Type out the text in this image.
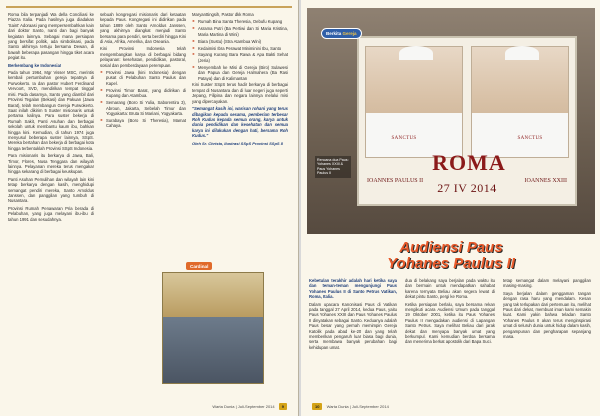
Roma bila terpanjadi Wa della Conciliasi ke Piazza Italia. Pada hasilnya juga diadakan 'Saint' Adoraasi yang mempersembahkan kain dari doktor Santo, nanti dan bagi banyak kegiatan lainnya. Sebagai mana persiapan yang bersifat politik, ada simbolisasi, pada Santo akhirnya tertuju bersama Dewan, di bawah beberapa pasangan hingga tiket acara pegiat itu.

Berkembang ke Indonesia!

Pada tahun 1964, Mgr Visser MSC, merintis kembali pertumbuhan gereja tepatnya di Purwokerto. Ia dan pastor Hubert Ferdinand Vervoort, SVD, mendirikan tempat tinggal misi. Pada dasarnya, Santo yang diambil dari Provinsi Tegalan (Bekasi) dan Pakuan (Jawa Barat), telah membangun Gereja Purwokerto. Saat inilah dikirim 5 Suster misionaris untuk pertama kalinya. Para suster bekerja di Rumah Sakit, Panti Asuhan dan berbagai sekolah untuk membantu kaum ibu, bahkan hingga kini. Kemudian, di tahun 1974 juga menyusul beberapa suster lainnya, SSpS. Mereka bertahan dan bekerja di berbagai kota hingga terbentuklah Provinsi SSpS Indonesia.

Para misionaris itu berkarya di Jawa, Bali, Timor, Flores, Nusa Tenggara dan wilayah lainnya. Pelayanan mereka terus mengakar hingga sekarang di berbagai keuskupan.

Panti Asuhan Pemulihan dan wilayah lain kini tetap berkarya dengan kasih, menghidupi semangat pendiri mereka, Santo Arnoldus Janssen, dan panggilan yang tumbuh di Nusantara.

Provinsi Rumah Penawaran Pria berada di Pelabuhan, yang juga melayani ibu-ibu di tahun 1991 dan sesudahnya.

sebuah kongregasi misionaris dari ketaatan kepada Paus. Kongregasi ini didirikan pada tahun 1889 oleh Santo Arnoldus Janssen, yang akhirnya diangkat menjadi Santo bersama para pendiri, serta berdiri hingga Kini di Asia, Afrika, Amerika, dan Oseania.

Kini Provinsi Indonesia telah mengembangkan karya di berbagai bidang pelayanan: kesehatan, pendidikan, pastoral, sosial dan pemberdayaan perempuan.

► Provinsi Jawa (kini Indonesia) dengan pusat di Pelabuhan Santo Paulus dan Kapel.
► Provinsi Timor Barat, yang didirikan di Kupang dan Atambua.
► Semarang (Boro Si Yulia, Saborentira 3), Abroun, Jakarta, Sebelah Timur dan Yogyakarta: Bruta Si Mariani, Yogyakarta.
► Surabaya (Boro Si Theresia), Mamat Cahaya.

Maryanttingsih, Pastor dkk Roma

► Rumah Bina Santa Theresia, Oebufu Kupang
► Asrama Putri (Ba Pertiwi dan Si Maria Kristina, Maria Martina di Wini)
► Biara (Sustu) (Stra Atambua Wini)
► Kedaimisi Ibra Perawat Miniminini Ibu, Santo
► Sayang Kurang Bara Rawa & Apa Bakti Sehat (Jeria)
► Menyembah ke Misi di Gereja (Biro) Sulawesi dan Papua dan Gereja Halmahera (Ba Rasi Pataya) dan di Kalimantan

Kini Suster SSpS terus hadir berkarya di berbagai tempat di Nusantara dan di luar negeri juga seperti Jepang, Filipina dan negara lainnya melalui misi yang dipercayakan.

"Semangat kasih ini, warisan rohani yang terus dibagikan kepada sesama, pemberian terbesar Roh Kudus kepada semua orang, karya untuk dunia pendidikan dan kesehatan dan semua karya ini dilakukan dengan hati, bersama Roh Kudus."

Oleh Sr. Christa, Ilustrasi SSpS Provinsi SSpS 8

Cardinal
Warta Dunia | Juli-September 2014 9
SANCTUS	SANCTUS
ROMA
IOANNES PAULUS II	IOANNES XXIII
27 IV 2014
Berkita Gereja
Rencana dua Paus: Yohanes XXIII & Paus Yohanes Paulus II
Audiensi Paus
Yohanes Paulus II

Kebetulan terakhir adalah hari ketika saya dan teman-teman mengunjungi Paus Yohanes Paulus II di Santo Petrus Vatikan, Roma, Italia.

Dalam upacara Kanonisasi Paus di Vatikan pada tanggal 27 April 2014, kedua Paus, yaitu Paus Yohanes XXIII dan Paus Yohanes Paulus II dinyatakan sebagai Santo. Keduanya adalah Paus besar yang pernah memimpin Gereja Katolik pada abad ke-20 dan yang telah memberikan pengaruh luar biasa bagi dunia, serta membawa banyak perubahan bagi kehidupan umat.

dua di belakang saya berjalan pada waktu itu dan bermain untuk mendapatkan sahabat karena ternyata Beliau akan segera lewat di dekat pintu Santo, pergi ke Roma.

Ketika persiapan berlalu, saya bersama rekan mengikuti acara Audiensi Umum pada tanggal 19 Oktober 2001, ketika itu Paus Yohanes Paulus II mengadakan audiensi di Lapangan Santo Petrus. Saya melihat Beliau dari jarak dekat dan menyapa banyak umat yang berkumpul. Kami kemudian berdoa bersama dan menerima berkat apostolik dari Bapa Suci.

tetap semangat dalam melayani panggilan masing-masing.

Saya berjalan dalam genggaman tangan dengan rasa haru yang mendalam. Kesan yang tak terlupakan dari pertemuan itu, melihat Paus dari dekat, membuat iman kami semakin kuat. Kami yakin bahwa teladan Santo Yohanes Paulus II akan terus menginspirasi umat di seluruh dunia untuk hidup dalam kasih, pengampunan dan pengharapan sepanjang masa.

10 Warta Dunia | Juli-September 2014
